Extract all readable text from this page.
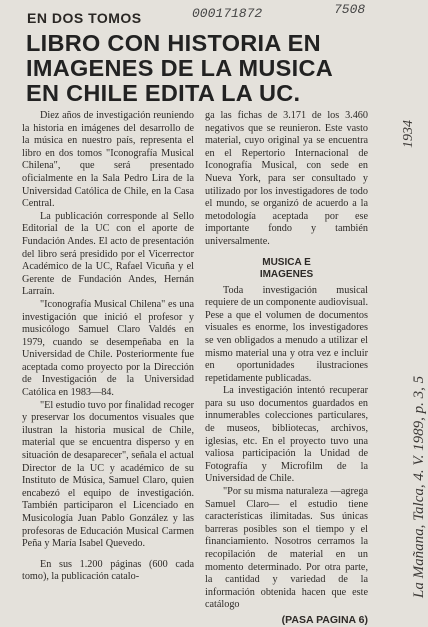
EN DOS TOMOS	000171872	7508
LIBRO CON HISTORIA EN
IMAGENES DE LA MUSICA
EN CHILE EDITA LA UC.

Diez años de investigación reuniendo la historia en imágenes del desarrollo de la música en nuestro país, representa el libro en dos tomos "Iconografía Musical Chilena", que será presentado oficialmente en la Sala Pedro Lira de la Universidad Católica de Chile, en la Casa Central.

La publicación corresponde al Sello Editorial de la UC con el aporte de Fundación Andes. El acto de presentación del libro será presidido por el Vicerrector Académico de la UC, Rafael Vicuña y el Gerente de Fundación Andes, Hernán Larraín.

"Iconografía Musical Chilena" es una investigación que inició el profesor y musicólogo Samuel Claro Valdés en 1979, cuando se desempeñaba en la Universidad de Chile. Posteriormente fue aceptada como proyecto por la Dirección de Investigación de la Universidad Católica en 1983—84.

"El estudio tuvo por finalidad recoger y preservar los documentos visuales que ilustran la historia musical de Chile, material que se encuentra disperso y en situación de desaparecer", señala el actual Director de la UC y académico de su Instituto de Música, Samuel Claro, quien encabezó el equipo de investigación. También participaron el Licenciado en Musicología Juan Pablo González y las profesoras de Educación Musical Carmen Peña y María Isabel Quevedo.

En sus 1.200 páginas (600 cada tomo), la publicación catalo-

ga las fichas de 3.171 de los 3.460 negativos que se reunieron. Este vasto material, cuyo original ya se encuentra en el Repertorio Internacional de Iconografía Musical, con sede en Nueva York, para ser consultado y utilizado por los investigadores de todo el mundo, se organizó de acuerdo a la metodología aceptada por ese importante fondo y también universalmente.

MUSICA E
IMAGENES

Toda investigación musical requiere de un componente audiovisual. Pese a que el volumen de documentos visuales es enorme, los investigadores se ven obligados a menudo a utilizar el mismo material una y otra vez e incluir en oportunidades ilustraciones repetidamente publicadas.

La investigación intentó recuperar para su uso documentos guardados en innumerables colecciones particulares, de museos, bibliotecas, archivos, iglesias, etc. En el proyecto tuvo una valiosa participación la Unidad de Fotografía y Microfilm de la Universidad de Chile.

"Por su misma naturaleza —agrega Samuel Claro— el estudio tiene características ilimitadas. Sus únicas barreras posibles son el tiempo y el financiamiento. Nosotros cerramos la recopilación de material en un momento determinado. Por otra parte, la cantidad y variedad de la información obtenida hacen que este catálogo

(PASA PAGINA 6)
1934
La Mañana, Talca, 4. V. 1989, p. 3, 5
